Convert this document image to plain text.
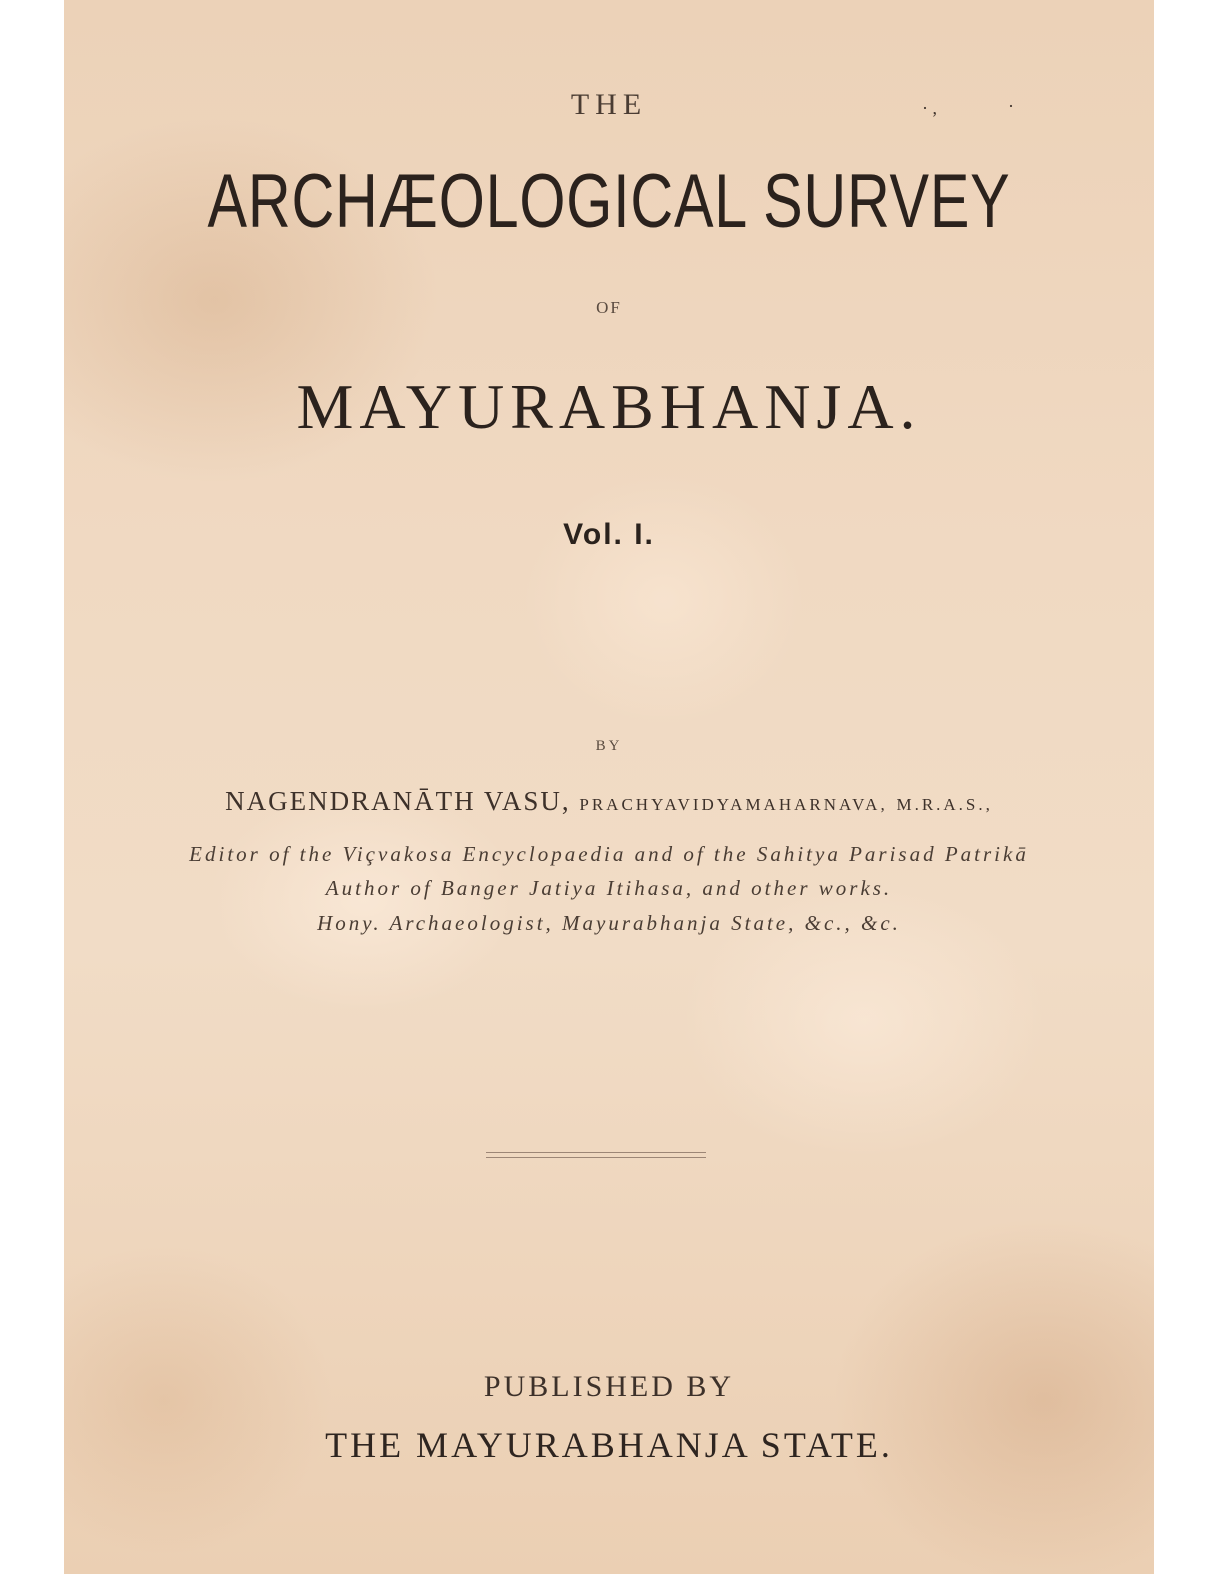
THE	· ,	·
ARCHÆOLOGICAL SURVEY
OF
MAYURABHANJA.
Vol. I.
BY
NAGENDRANĀTH VASU, PRACHYAVIDYAMAHARNAVA, M.R.A.S.,
Editor of the Viçvakosa Encyclopaedia and of the Sahitya Parisad Patrikā
Author of Banger Jatiya Itihasa, and other works.
Hony. Archaeologist, Mayurabhanja State, &c., &c.
PUBLISHED BY
THE MAYURABHANJA STATE.
